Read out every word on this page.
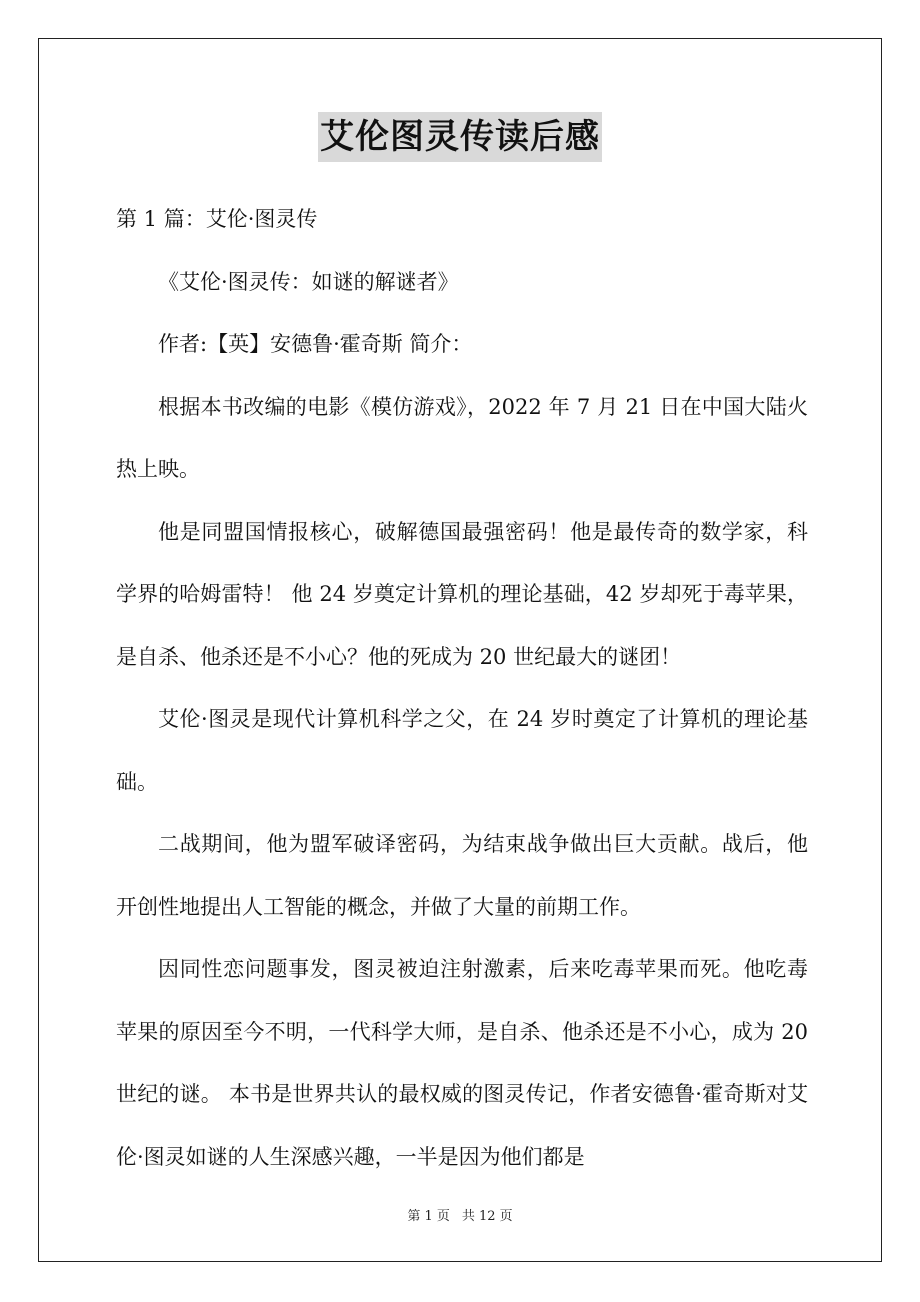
艾伦图灵传读后感

第 1 篇：艾伦·图灵传

《艾伦·图灵传：如谜的解谜者》

作者:【英】安德鲁·霍奇斯 简介：

根据本书改编的电影《模仿游戏》，2022 年 7 月 21 日在中国大陆火热上映。

他是同盟国情报核心，破解德国最强密码！他是最传奇的数学家，科学界的哈姆雷特！ 他 24 岁奠定计算机的理论基础，42 岁却死于毒苹果，是自杀、他杀还是不小心？他的死成为 20 世纪最大的谜团！

艾伦·图灵是现代计算机科学之父，在 24 岁时奠定了计算机的理论基础。

二战期间，他为盟军破译密码，为结束战争做出巨大贡献。战后，他开创性地提出人工智能的概念，并做了大量的前期工作。

因同性恋问题事发，图灵被迫注射激素，后来吃毒苹果而死。他吃毒苹果的原因至今不明，一代科学大师，是自杀、他杀还是不小心，成为 20 世纪的谜。 本书是世界共认的最权威的图灵传记，作者安德鲁·霍奇斯对艾伦·图灵如谜的人生深感兴趣，一半是因为他们都是

第 1 页 共 12 页
